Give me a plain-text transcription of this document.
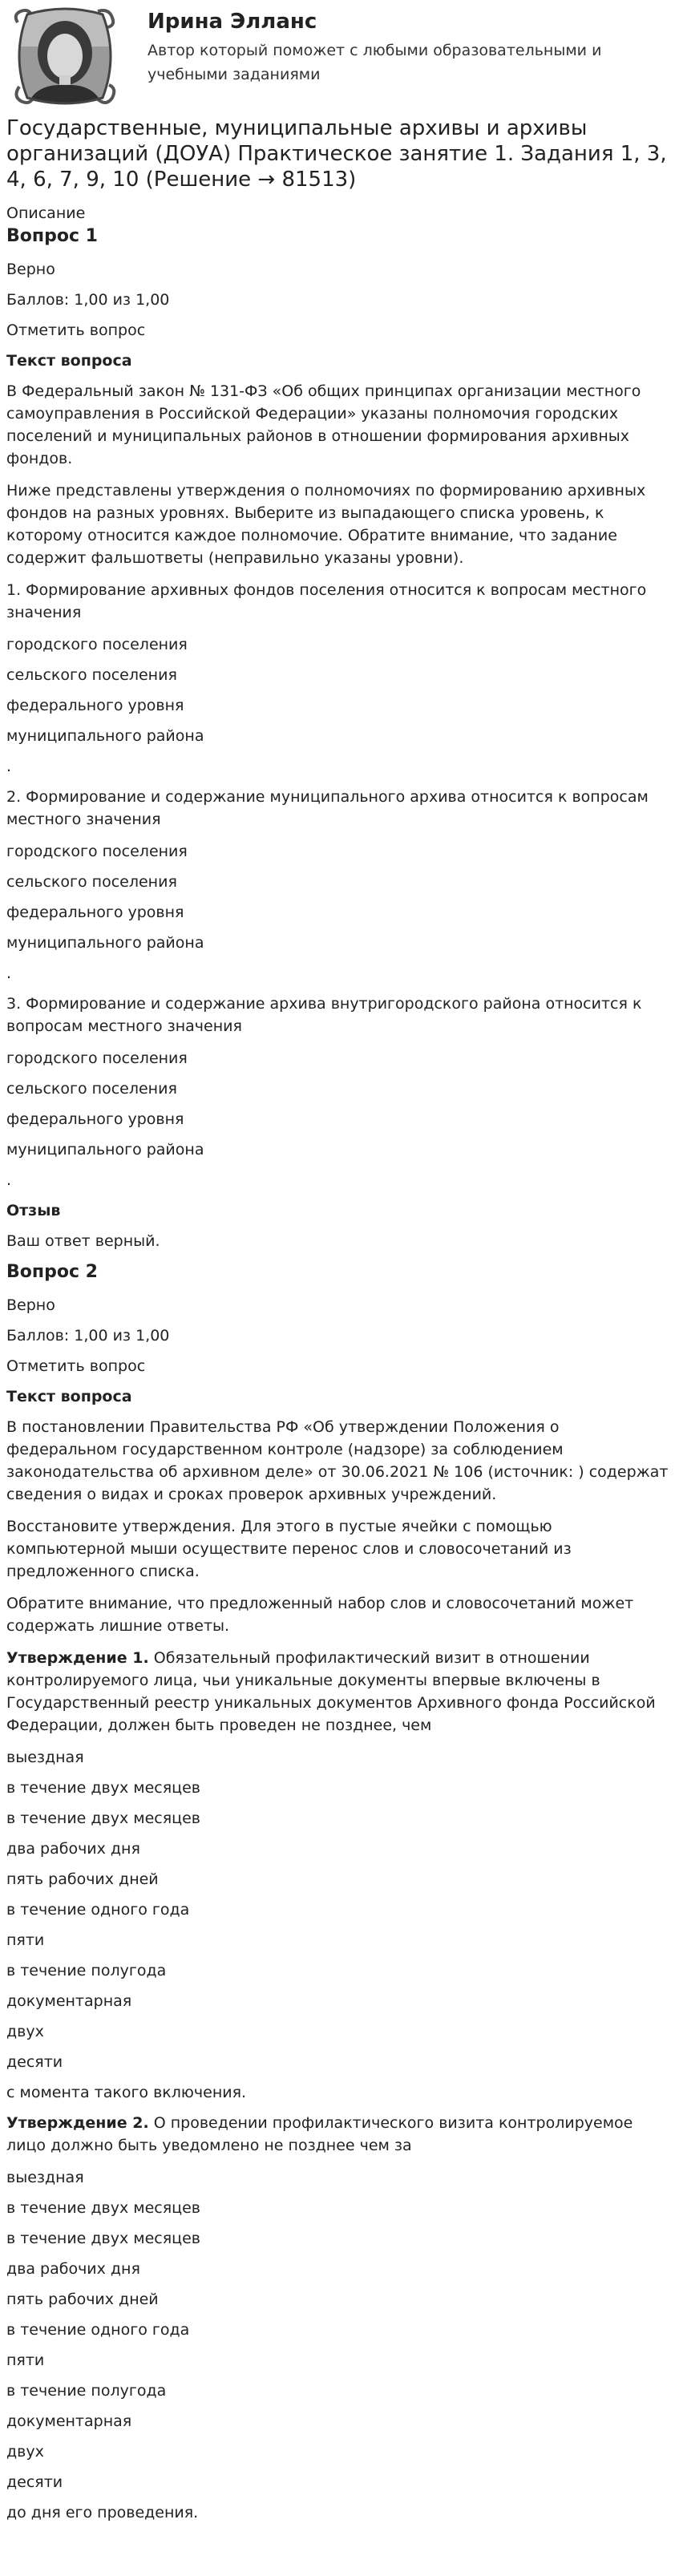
Ирина Элланс
Автор который поможет с любыми образовательными и учебными заданиями
Государственные, муниципальные архивы и архивы организаций (ДОУА) Практическое занятие 1. Задания 1, 3, 4, 6, 7, 9, 10 (Решение → 81513)

Описание

Вопрос 1

Верно

Баллов: 1,00 из 1,00

Отметить вопрос

Текст вопроса

В Федеральный закон № 131-ФЗ «Об общих принципах организации местного самоуправления в Российской Федерации» указаны полномочия городских поселений и муниципальных районов в отношении формирования архивных фондов.

Ниже представлены утверждения о полномочиях по формированию архивных фондов на разных уровнях. Выберите из выпадающего списка уровень, к которому относится каждое полномочие. Обратите внимание, что задание содержит фальшответы (неправильно указаны уровни).

1. Формирование архивных фондов поселения относится к вопросам местного значения

городского поселения

сельского поселения

федерального уровня

муниципального района

.

2. Формирование и содержание муниципального архива относится к вопросам местного значения

городского поселения

сельского поселения

федерального уровня

муниципального района

.

3. Формирование и содержание архива внутригородского района относится к вопросам местного значения

городского поселения

сельского поселения

федерального уровня

муниципального района

.

Отзыв

Ваш ответ верный.

Вопрос 2

Верно

Баллов: 1,00 из 1,00

Отметить вопрос

Текст вопроса

В постановлении Правительства РФ «Об утверждении Положения о федеральном государственном контроле (надзоре) за соблюдением законодательства об архивном деле» от 30.06.2021 № 106 (источник: ) содержат сведения о видах и сроках проверок архивных учреждений.

Восстановите утверждения. Для этого в пустые ячейки с помощью компьютерной мыши осуществите перенос слов и словосочетаний из предложенного списка.

Обратите внимание, что предложенный набор слов и словосочетаний может содержать лишние ответы.

Утверждение 1. Обязательный профилактический визит в отношении контролируемого лица, чьи уникальные документы впервые включены в Государственный реестр уникальных документов Архивного фонда Российской Федерации, должен быть проведен не позднее, чем

выездная

в течение двух месяцев

в течение двух месяцев

два рабочих дня

пять рабочих дней

в течение одного года

пяти

в течение полугода

документарная

двух

десяти

с момента такого включения.

Утверждение 2. О проведении профилактического визита контролируемое лицо должно быть уведомлено не позднее чем за

выездная

в течение двух месяцев

в течение двух месяцев

два рабочих дня

пять рабочих дней

в течение одного года

пяти

в течение полугода

документарная

двух

десяти

до дня его проведения.
